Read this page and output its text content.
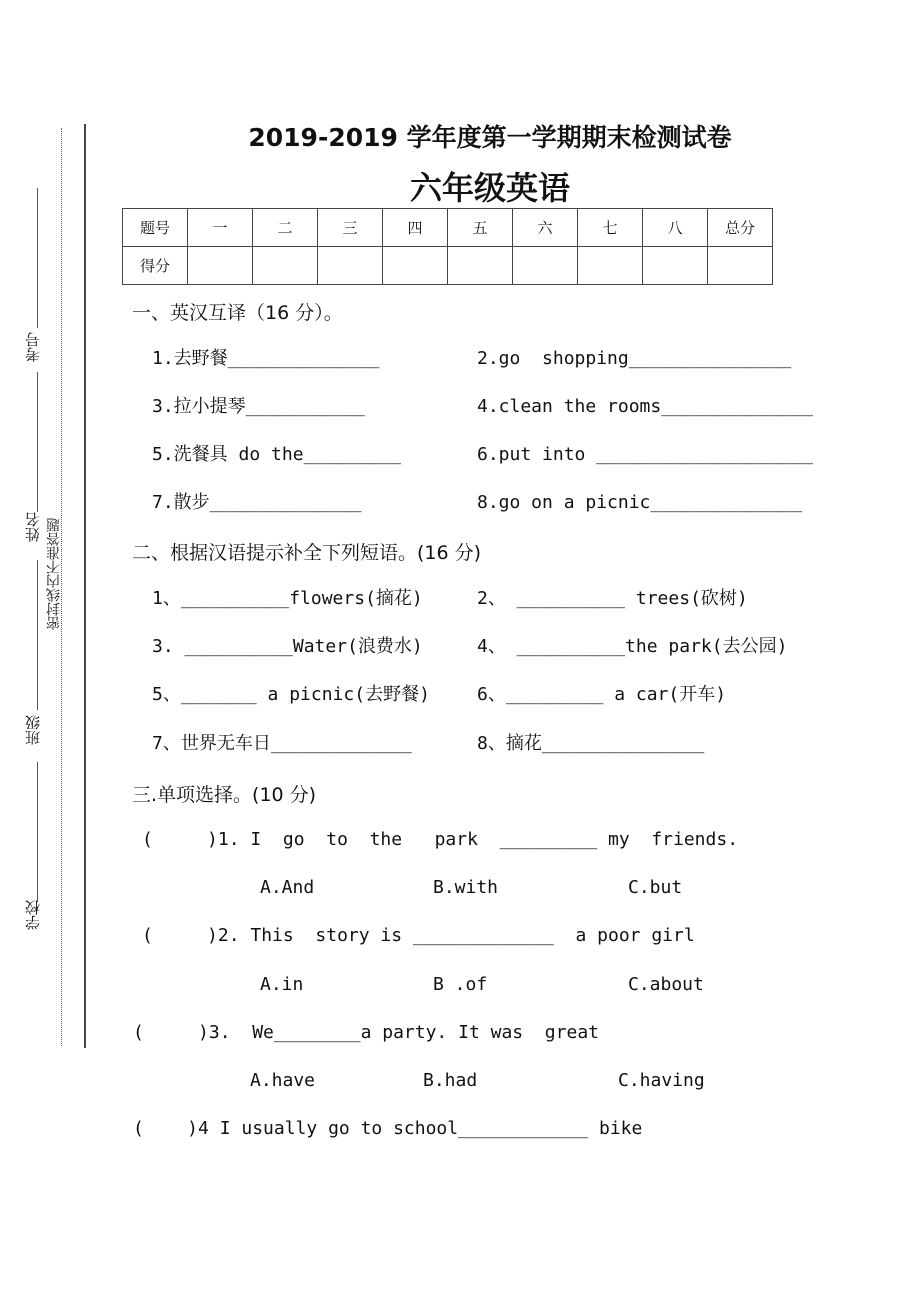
考号
姓名
班级
学校
密封线内不准答题
2019-2019 学年度第一学期期末检测试卷
六年级英语
题号	一	二	三	四	五	六	七	八	总分
得分									
一、英汉互译（16 分）。
1.去野餐______________	2.go  shopping_______________
3.拉小提琴___________	4.clean the rooms______________
5.洗餐具 do the_________	6.put into ____________________
7.散步______________	8.go on a picnic______________
二、根据汉语提示补全下列短语。(16 分)
1、__________flowers(摘花)	2、 __________ trees(砍树)
3. __________Water(浪费水)	4、 __________the park(去公园)
5、_______ a picnic(去野餐)	6、_________ a car(开车)
7、世界无车日_____________	8、摘花_______________
三.单项选择。(10 分)
(     )1. I  go  to  the   park  _________ my  friends.
A.And	B.with	C.but
(     )2. This  story is _____________  a poor girl
A.in	B .of	C.about
(     )3.  We________a party. It was  great
A.have	B.had	C.having
(    )4 I usually go to school____________ bike
